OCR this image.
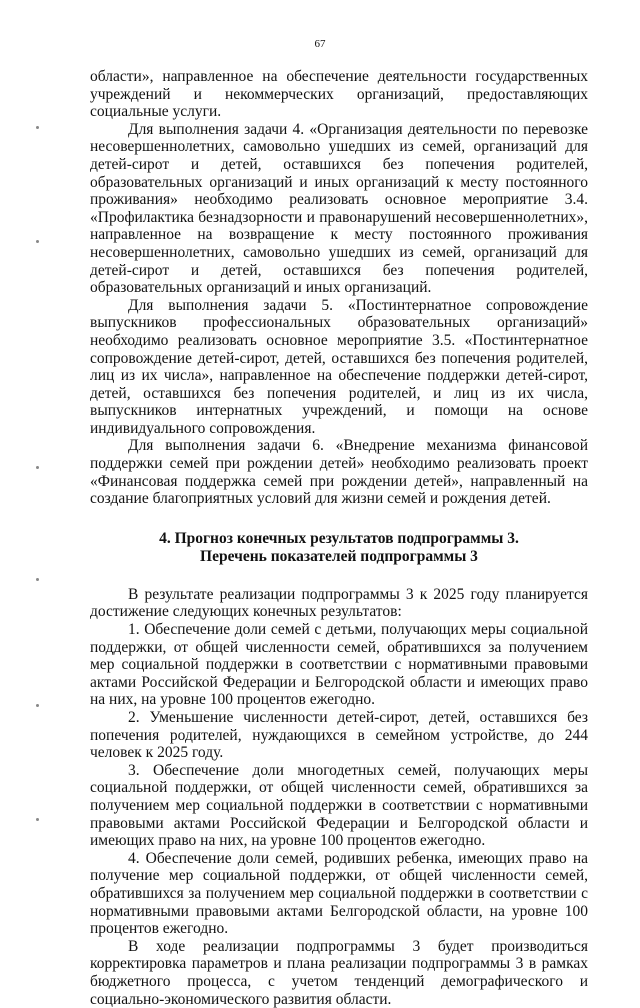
67

области», направленное на обеспечение деятельности государственных учреждений и некоммерческих организаций, предоставляющих социальные услуги.

Для выполнения задачи 4. «Организация деятельности по перевозке несовершеннолетних, самовольно ушедших из семей, организаций для детей-сирот и детей, оставшихся без попечения родителей, образовательных организаций и иных организаций к месту постоянного проживания» необходимо реализовать основное мероприятие 3.4. «Профилактика безнадзорности и правонарушений несовершеннолетних», направленное на возвращение к месту постоянного проживания несовершеннолетних, самовольно ушедших из семей, организаций для детей-сирот и детей, оставшихся без попечения родителей, образовательных организаций и иных организаций.

Для выполнения задачи 5. «Постинтернатное сопровождение выпускников профессиональных образовательных организаций» необходимо реализовать основное мероприятие 3.5. «Постинтернатное сопровождение детей-сирот, детей, оставшихся без попечения родителей, лиц из их числа», направленное на обеспечение поддержки детей-сирот, детей, оставшихся без попечения родителей, и лиц из их числа, выпускников интернатных учреждений, и помощи на основе индивидуального сопровождения.

Для выполнения задачи 6. «Внедрение механизма финансовой поддержки семей при рождении детей» необходимо реализовать проект «Финансовая поддержка семей при рождении детей», направленный на создание благоприятных условий для жизни семей и рождения детей.

4. Прогноз конечных результатов подпрограммы 3.
Перечень показателей подпрограммы 3

В результате реализации подпрограммы 3 к 2025 году планируется достижение следующих конечных результатов:

1. Обеспечение доли семей с детьми, получающих меры социальной поддержки, от общей численности семей, обратившихся за получением мер социальной поддержки в соответствии с нормативными правовыми актами Российской Федерации и Белгородской области и имеющих право на них, на уровне 100 процентов ежегодно.

2. Уменьшение численности детей-сирот, детей, оставшихся без попечения родителей, нуждающихся в семейном устройстве, до 244 человек к 2025 году.

3. Обеспечение доли многодетных семей, получающих меры социальной поддержки, от общей численности семей, обратившихся за получением мер социальной поддержки в соответствии с нормативными правовыми актами Российской Федерации и Белгородской области и имеющих право на них, на уровне 100 процентов ежегодно.

4. Обеспечение доли семей, родивших ребенка, имеющих право на получение мер социальной поддержки, от общей численности семей, обратившихся за получением мер социальной поддержки в соответствии с нормативными правовыми актами Белгородской области, на уровне 100 процентов ежегодно.

В ходе реализации подпрограммы 3 будет производиться корректировка параметров и плана реализации подпрограммы 3 в рамках бюджетного процесса, с учетом тенденций демографического и социально-экономического развития области.
